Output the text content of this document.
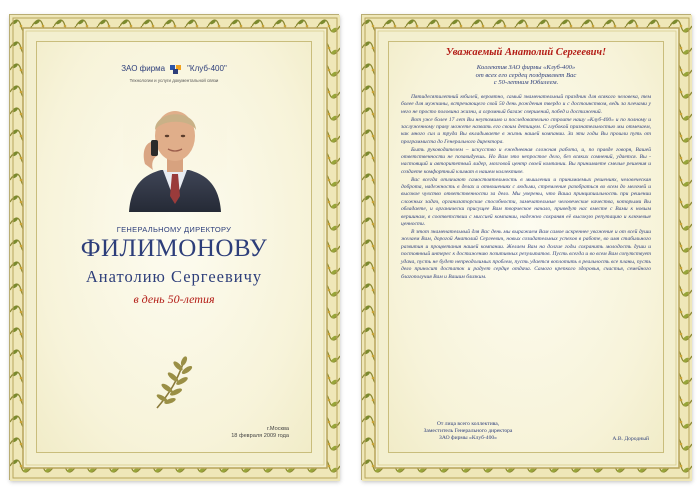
ЗАО фирма	"Клуб-400"
Технологии и услуги документальной связи
ГЕНЕРАЛЬНОМУ ДИРЕКТОРУ
ФИЛИМОНОВУ
Анатолию Сергеевичу
в день 50-летия
г.Москва
18 февраля 2009 года
Уважаемый Анатолий Сергеевич!
Коллектив ЗАО фирмы «Клуб-400»
от всех его сердец поздравляет Вас
с 50-летним Юбилеем.

Пятидесятилетний юбилей, вероятно, самый знаменательный праздник для всякого человека, тем более для мужчины, встречающего свой 50 день рождения твердо и с достоинством, ведь за плечами у него не просто половина жизни, а огромный багаж свершений, побед и достижений.

Вот уже более 17 лет Вы неутомимо и последовательно строите нашу «Клуб-400» и по полному и заслуженному праву можете назвать его своим детищем. С глубокой признательностью мы отмечаем, как много сил и труда Вы вкладываете в жизнь нашей компании. За эти годы Вы прошли путь от программиста до Генерального директора.

Быть руководителем – искусство и ежедневная сложная работа, и, по правде говоря, Вашей ответственности не позавидуешь. Но Вам это непростое дело, без всяких сомнений, удается. Вы - настоящий и авторитетный лидер, мозговой центр своей компании. Вы принимаете смелые решения и создаете комфортный климат в нашем коллективе.

Вас всегда отличают самостоятельность в мышлении и принимаемых решениях, человеческая доброта, надежность в делах и отношениях с людьми, стремление разобраться во всем до мелочей и высокое чувство ответственности за дело. Мы уверены, что Ваша принципиальность при решении сложных задач, организаторские способности, замечательные человеческие качества, которыми Вы обладаете, и органически присущее Вам творческое начало, приведут нас вместе с Вами к новым вершинам, в соответствии с миссией компании, надежно сохраняя её высокую репутацию и ключевые ценности.

В этот знаменательный для Вас день мы выражаем Вам самое искреннее уважение и от всей души желаем Вам, дорогой Анатолий Сергеевич, новых созидательных успехов в работе, во имя стабильного развития и процветания нашей компании. Желаем Вам на долгие годы сохранить молодость души и постоянный интерес к достижению позитивных результатов. Пусть всегда и во всем Вам сопутствует удача, пусть не будет непреодолимых проблем, пусть удается воплотить в реальность все планы, пусть дело приносит достаток и радует сердце отдача. Самого крепкого здоровья, счастья, семейного благополучия Вам и Вашим близким.

От лица всего коллектива,
Заместитель Генерального директора
ЗАО фирмы «Клуб-400»	А.В. Дородный
